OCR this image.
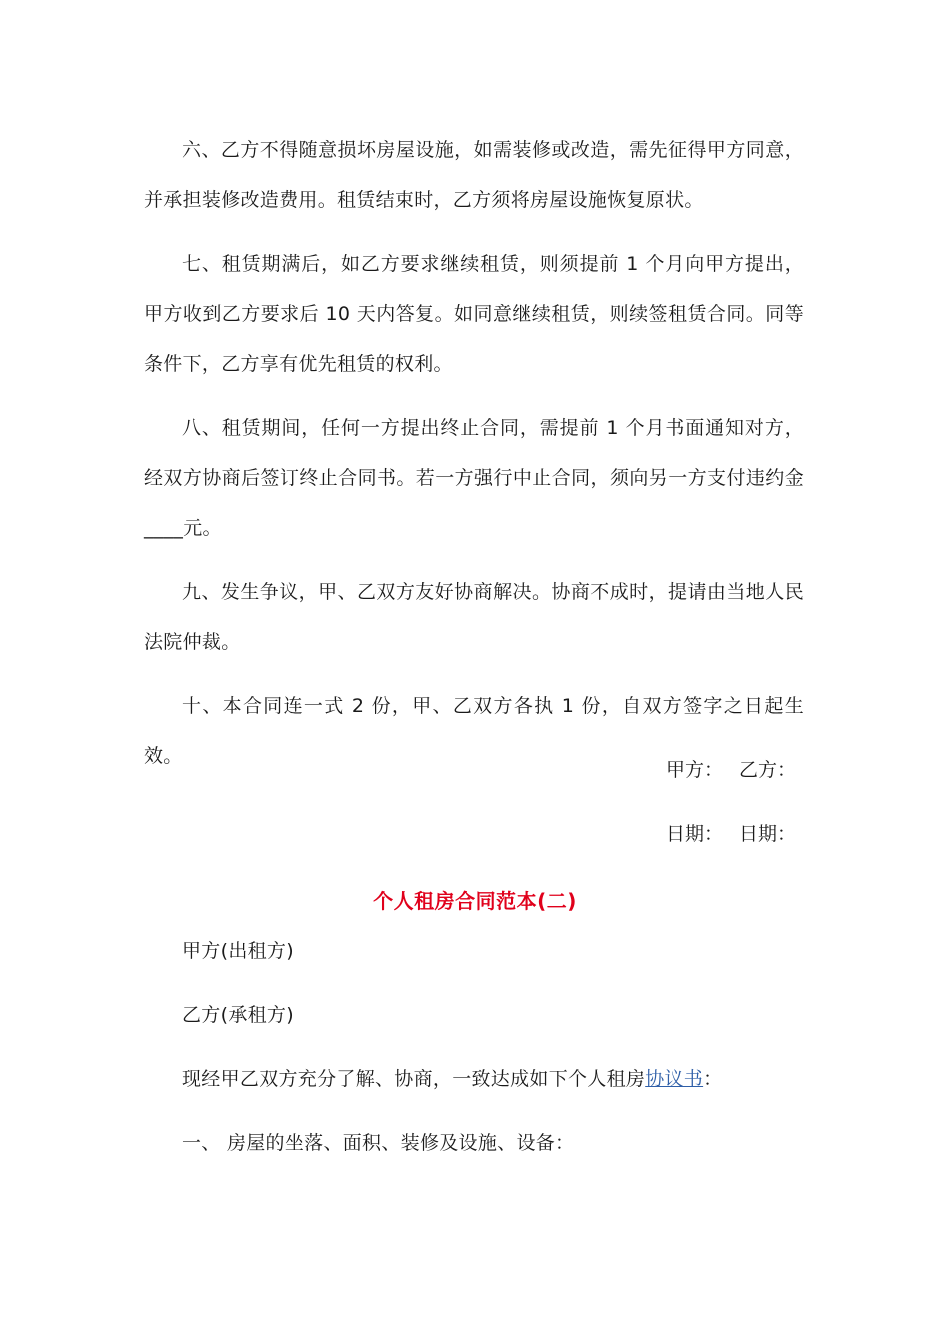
六、乙方不得随意损坏房屋设施，如需装修或改造，需先征得甲方同意，并承担装修改造费用。租赁结束时，乙方须将房屋设施恢复原状。

七、租赁期满后，如乙方要求继续租赁，则须提前 1 个月向甲方提出，甲方收到乙方要求后 10 天内答复。如同意继续租赁，则续签租赁合同。同等条件下，乙方享有优先租赁的权利。

八、租赁期间，任何一方提出终止合同，需提前 1 个月书面通知对方，经双方协商后签订终止合同书。若一方强行中止合同，须向另一方支付违约金____元。

九、发生争议，甲、乙双方友好协商解决。协商不成时，提请由当地人民法院仲裁。

十、本合同连一式 2 份，甲、乙双方各执 1 份，自双方签字之日起生效。

甲方： 乙方：
日期： 日期：
个人租房合同范本(二)

甲方(出租方)

乙方(承租方)

现经甲乙双方充分了解、协商，一致达成如下个人租房协议书：

一、 房屋的坐落、面积、装修及设施、设备：
